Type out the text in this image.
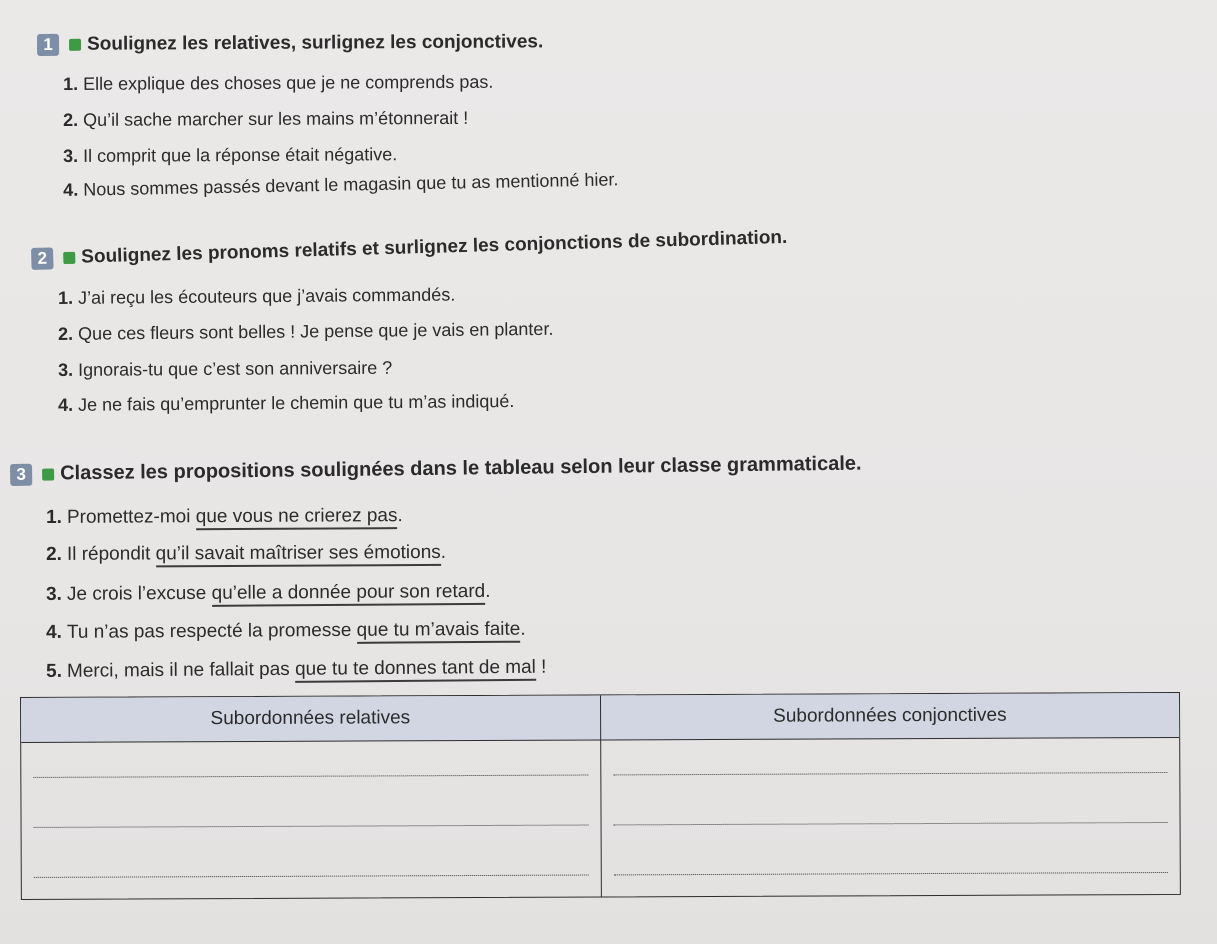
1	Soulignez les relatives, surlignez les conjonctives.
1. Elle explique des choses que je ne comprends pas.
2. Qu’il sache marcher sur les mains m’étonnerait !
3. Il comprit que la réponse était négative.
4. Nous sommes passés devant le magasin que tu as mentionné hier.
2	Soulignez les pronoms relatifs et surlignez les conjonctions de subordination.
1. J’ai reçu les écouteurs que j’avais commandés.
2. Que ces fleurs sont belles ! Je pense que je vais en planter.
3. Ignorais-tu que c’est son anniversaire ?
4. Je ne fais qu’emprunter le chemin que tu m’as indiqué.
3	Classez les propositions soulignées dans le tableau selon leur classe grammaticale.
1. Promettez-moi que vous ne crierez pas.
2. Il répondit qu’il savait maîtriser ses émotions.
3. Je crois l’excuse qu’elle a donnée pour son retard.
4. Tu n’as pas respecté la promesse que tu m’avais faite.
5. Merci, mais il ne fallait pas que tu te donnes tant de mal !
Subordonnées relatives	Subordonnées conjonctives
